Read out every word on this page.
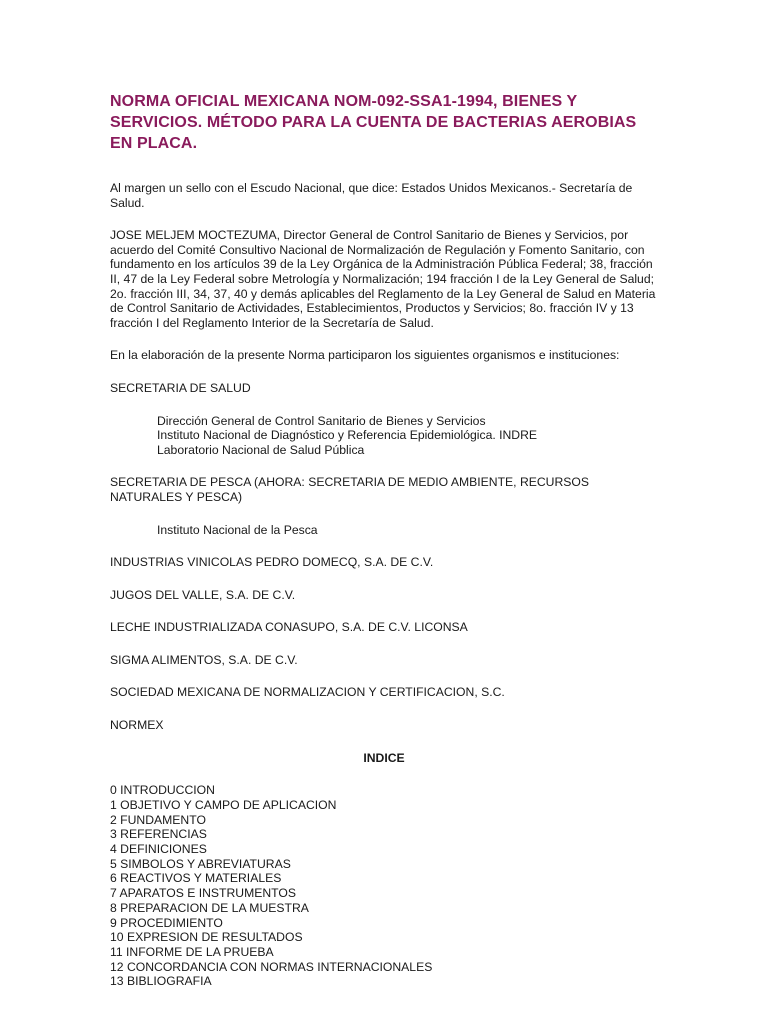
NORMA OFICIAL MEXICANA NOM-092-SSA1-1994, BIENES Y SERVICIOS. MÉTODO PARA LA CUENTA DE BACTERIAS AEROBIAS EN PLACA.

Al margen un sello con el Escudo Nacional, que dice: Estados Unidos Mexicanos.- Secretaría de Salud.

JOSE MELJEM MOCTEZUMA, Director General de Control Sanitario de Bienes y Servicios, por acuerdo del Comité Consultivo Nacional de Normalización de Regulación y Fomento Sanitario, con fundamento en los artículos 39 de la Ley Orgánica de la Administración Pública Federal; 38, fracción II, 47 de la Ley Federal sobre Metrología y Normalización; 194 fracción I de la Ley General de Salud; 2o. fracción III, 34, 37, 40 y demás aplicables del Reglamento de la Ley General de Salud en Materia de Control Sanitario de Actividades, Establecimientos, Productos y Servicios; 8o. fracción IV y 13 fracción I del Reglamento Interior de la Secretaría de Salud.

En la elaboración de la presente Norma participaron los siguientes organismos e instituciones:

SECRETARIA DE SALUD

Dirección General de Control Sanitario de Bienes y Servicios
Instituto Nacional de Diagnóstico y Referencia Epidemiológica. INDRE
Laboratorio Nacional de Salud Pública

SECRETARIA DE PESCA (AHORA: SECRETARIA DE MEDIO AMBIENTE, RECURSOS NATURALES Y PESCA)

Instituto Nacional de la Pesca

INDUSTRIAS VINICOLAS PEDRO DOMECQ, S.A. DE C.V.

JUGOS DEL VALLE, S.A. DE C.V.

LECHE INDUSTRIALIZADA CONASUPO, S.A. DE C.V. LICONSA

SIGMA ALIMENTOS, S.A. DE C.V.

SOCIEDAD MEXICANA DE NORMALIZACION Y CERTIFICACION, S.C.

NORMEX

INDICE
0 INTRODUCCION
1 OBJETIVO Y CAMPO DE APLICACION
2 FUNDAMENTO
3 REFERENCIAS
4 DEFINICIONES
5 SIMBOLOS Y ABREVIATURAS
6 REACTIVOS Y MATERIALES
7 APARATOS E INSTRUMENTOS
8 PREPARACION DE LA MUESTRA
9 PROCEDIMIENTO
10 EXPRESION DE RESULTADOS
11 INFORME DE LA PRUEBA
12 CONCORDANCIA CON NORMAS INTERNACIONALES
13 BIBLIOGRAFIA
